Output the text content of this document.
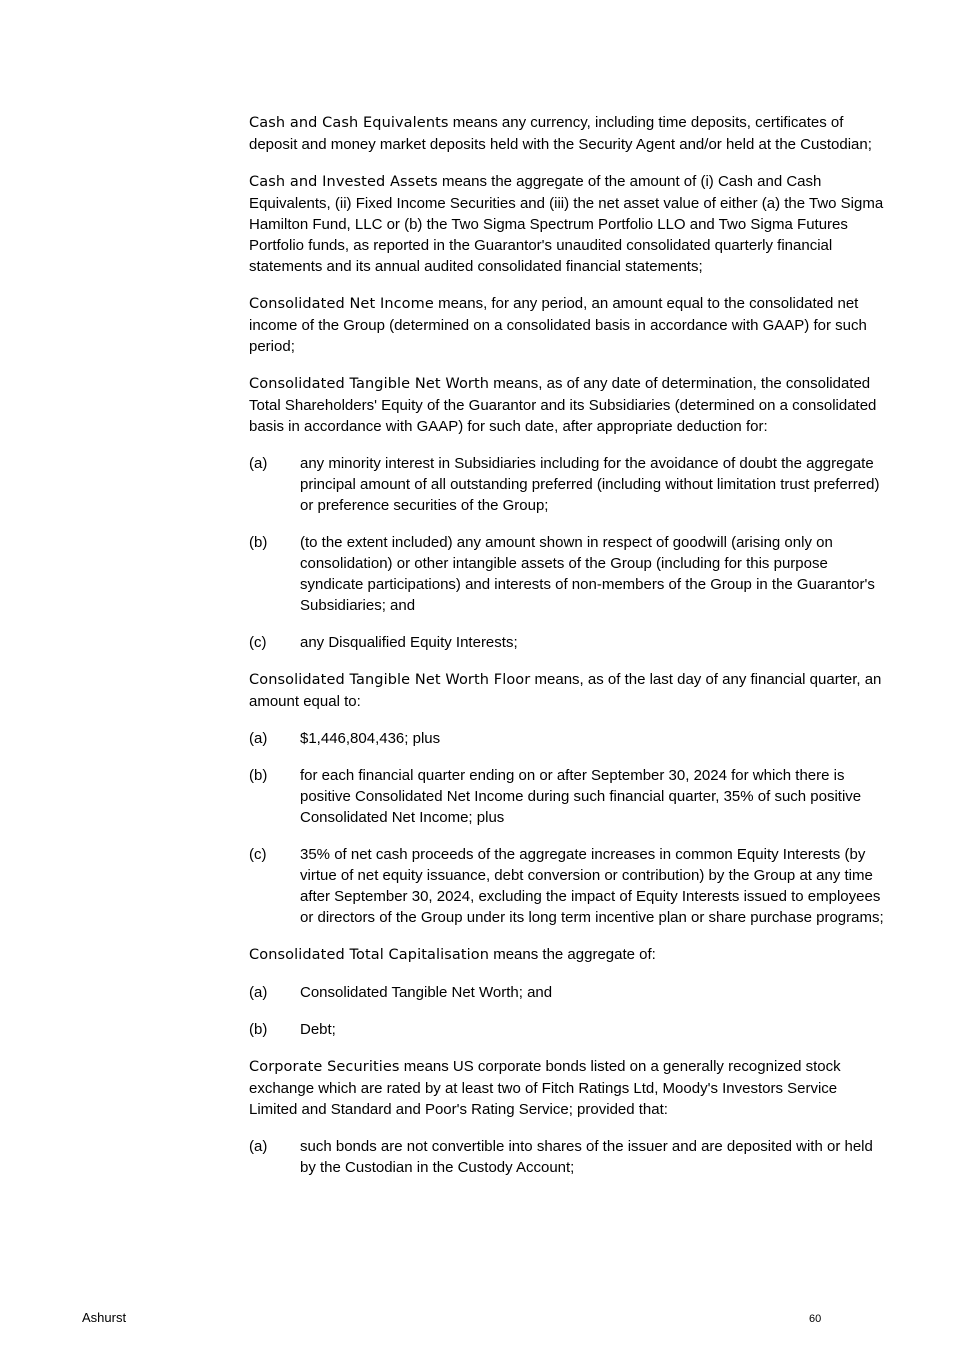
Cash and Cash Equivalents means any currency, including time deposits, certificates of deposit and money market deposits held with the Security Agent and/or held at the Custodian;

Cash and Invested Assets means the aggregate of the amount of (i) Cash and Cash Equivalents, (ii) Fixed Income Securities and (iii) the net asset value of either (a) the Two Sigma Hamilton Fund, LLC or (b) the Two Sigma Spectrum Portfolio LLO and Two Sigma Futures Portfolio funds, as reported in the Guarantor's unaudited consolidated quarterly financial statements and its annual audited consolidated financial statements;

Consolidated Net Income means, for any period, an amount equal to the consolidated net income of the Group (determined on a consolidated basis in accordance with GAAP) for such period;

Consolidated Tangible Net Worth means, as of any date of determination, the consolidated Total Shareholders' Equity of the Guarantor and its Subsidiaries (determined on a consolidated basis in accordance with GAAP) for such date, after appropriate deduction for:

(a)	any minority interest in Subsidiaries including for the avoidance of doubt the aggregate principal amount of all outstanding preferred (including without limitation trust preferred) or preference securities of the Group;
(b)	(to the extent included) any amount shown in respect of goodwill (arising only on consolidation) or other intangible assets of the Group (including for this purpose syndicate participations) and interests of non-members of the Group in the Guarantor's Subsidiaries; and
(c)	any Disqualified Equity Interests;

Consolidated Tangible Net Worth Floor means, as of the last day of any financial quarter, an amount equal to:

(a)	$1,446,804,436; plus
(b)	for each financial quarter ending on or after September 30, 2024 for which there is positive Consolidated Net Income during such financial quarter, 35% of such positive Consolidated Net Income; plus
(c)	35% of net cash proceeds of the aggregate increases in common Equity Interests (by virtue of net equity issuance, debt conversion or contribution) by the Group at any time after September 30, 2024, excluding the impact of Equity Interests issued to employees or directors of the Group under its long term incentive plan or share purchase programs;

Consolidated Total Capitalisation means the aggregate of:

(a)	Consolidated Tangible Net Worth; and
(b)	Debt;

Corporate Securities means US corporate bonds listed on a generally recognized stock exchange which are rated by at least two of Fitch Ratings Ltd, Moody's Investors Service Limited and Standard and Poor's Rating Service; provided that:

(a)	such bonds are not convertible into shares of the issuer and are deposited with or held by the Custodian in the Custody Account;
Ashurst	60
